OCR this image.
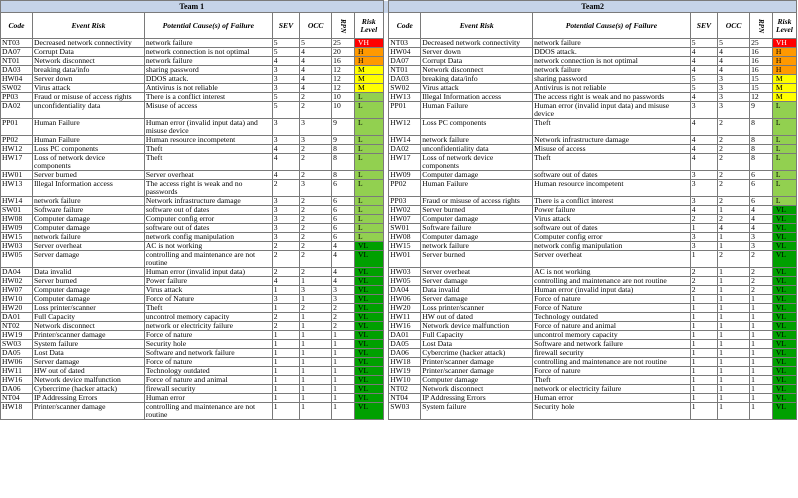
Team 1								Team2						
Code	Event Risk	Potential Cause(s) of Failure	SEV	OCC	RPN	Risk Level		Code	Event Risk	Potential Cause(s) of Failure	SEV	OCC	RPN	Risk Level
NT03	Decreased network connectivity	network failure	5	5	25	VH		NT03	Decreased network connectivity	network failure	5	5	25	VH
DA07	Corrupt Data	network connection is not optimal	5	4	20	H		HW04	Server down	DDOS attack.	4	4	16	H
NT01	Network disconnect	network failure	4	4	16	H		DA07	Corrupt Data	network connection is not optimal	4	4	16	H
DA03	breaking data/info	sharing password	3	4	12	M		NT01	Network disconnect	network failure	4	4	16	H
HW04	Server down	DDOS attack.	3	4	12	M		DA03	breaking data/info	sharing password	5	3	15	M
SW02	Virus attack	Antivirus is not reliable	3	4	12	M		SW02	Virus attack	Antivirus is not reliable	5	3	15	M
PP03	Fraud or misuse of access rights	There is a conflict interest	5	2	10	L		HW13	Illegal Information access	The access right is weak and no passwords	4	3	12	M
DA02	unconfidentiality data	Misuse of access	5	2	10	L		PP01	Human Failure	Human error (invalid input data) and misuse device	3	3	9	L
PP01	Human Failure	Human error (invalid input data) and misuse device	3	3	9	L		HW12	Loss PC components	Theft	4	2	8	L
PP02	Human Failure	Human resource incompetent	3	3	9	L		HW14	network failure	Network infrastructure damage	4	2	8	L
HW12	Loss PC components	Theft	4	2	8	L		DA02	unconfidentiality data	Misuse of access	4	2	8	L
HW17	Loss of network device components	Theft	4	2	8	L		HW17	Loss of network device components	Theft	4	2	8	L
HW01	Server burned	Server overheat	4	2	8	L		HW09	Computer damage	software out of dates	3	2	6	L
HW13	Illegal Information access	The access right is weak and no passwords	2	3	6	L		PP02	Human Failure	Human resource incompetent	3	2	6	L
HW14	network failure	Network infrastructure damage	3	2	6	L		PP03	Fraud or misuse of access rights	There is a conflict interest	3	2	6	L
SW01	Software failure	software out of dates	3	2	6	L		HW02	Server burned	Power failure	4	1	4	VL
HW08	Computer damage	Computer config error	3	2	6	L		HW07	Computer damage	Virus attack	2	2	4	VL
HW09	Computer damage	software out of dates	3	2	6	L		SW01	Software failure	software out of dates	1	4	4	VL
HW15	network failure	network config manipulation	3	2	6	L		HW08	Computer damage	Computer config error	3	1	3	VL
HW03	Server overheat	AC is not working	2	2	4	VL		HW15	network failure	network config manipulation	3	1	3	VL
HW05	Server damage	controlling and maintenance are not routine	2	2	4	VL		HW01	Server burned	Server overheat	1	2	2	VL
DA04	Data invalid	Human error (invalid input data)	2	2	4	VL		HW03	Server overheat	AC is not working	2	1	2	VL
HW02	Server burned	Power failure	4	1	4	VL		HW05	Server damage	controlling and maintenance are not routine	2	1	2	VL
HW07	Computer damage	Virus attack	1	3	3	VL		DA04	Data invalid	Human error (invalid input data)	2	1	2	VL
HW10	Computer damage	Force of Nature	3	1	3	VL		HW06	Server damage	Force of nature	1	1	1	VL
HW20	Loss printer/scanner	Theft	1	2	2	VL		HW20	Loss printer/scanner	Force of Nature	1	1	1	VL
DA01	Full Capacity	uncontrol memory capacity	2	1	2	VL		HW11	HW out of dated	Technology outdated	1	1	1	VL
NT02	Network disconnect	network or electricity failure	2	1	2	VL		HW16	Network device malfunction	Force of nature and animal	1	1	1	VL
HW19	Printer/scanner damage	Force of nature	1	1	1	VL		DA01	Full Capacity	uncontrol memory capacity	1	1	1	VL
SW03	System failure	Security hole	1	1	1	VL		DA05	Lost Data	Software and network failure	1	1	1	VL
DA05	Lost Data	Software and network failure	1	1	1	VL		DA06	Cybercrime (hacker attack)	firewall security	1	1	1	VL
HW06	Server damage	Force of nature	1	1	1	VL		HW18	Printer/scanner damage	controlling and maintenance are not routine	1	1	1	VL
HW11	HW out of dated	Technology outdated	1	1	1	VL		HW19	Printer/scanner damage	Force of nature	1	1	1	VL
HW16	Network device malfunction	Force of nature and animal	1	1	1	VL		HW10	Computer damage	Theft	1	1	1	VL
DA06	Cybercrime (hacker attack)	firewall security	1	1	1	VL		NT02	Network disconnect	network or electricity failure	1	1	1	VL
NT04	IP Addressing Errors	Human error	1	1	1	VL		NT04	IP Addressing Errors	Human error	1	1	1	VL
HW18	Printer/scanner damage	controlling and maintenance are not routine	1	1	1	VL		SW03	System failure	Security hole	1	1	1	VL
